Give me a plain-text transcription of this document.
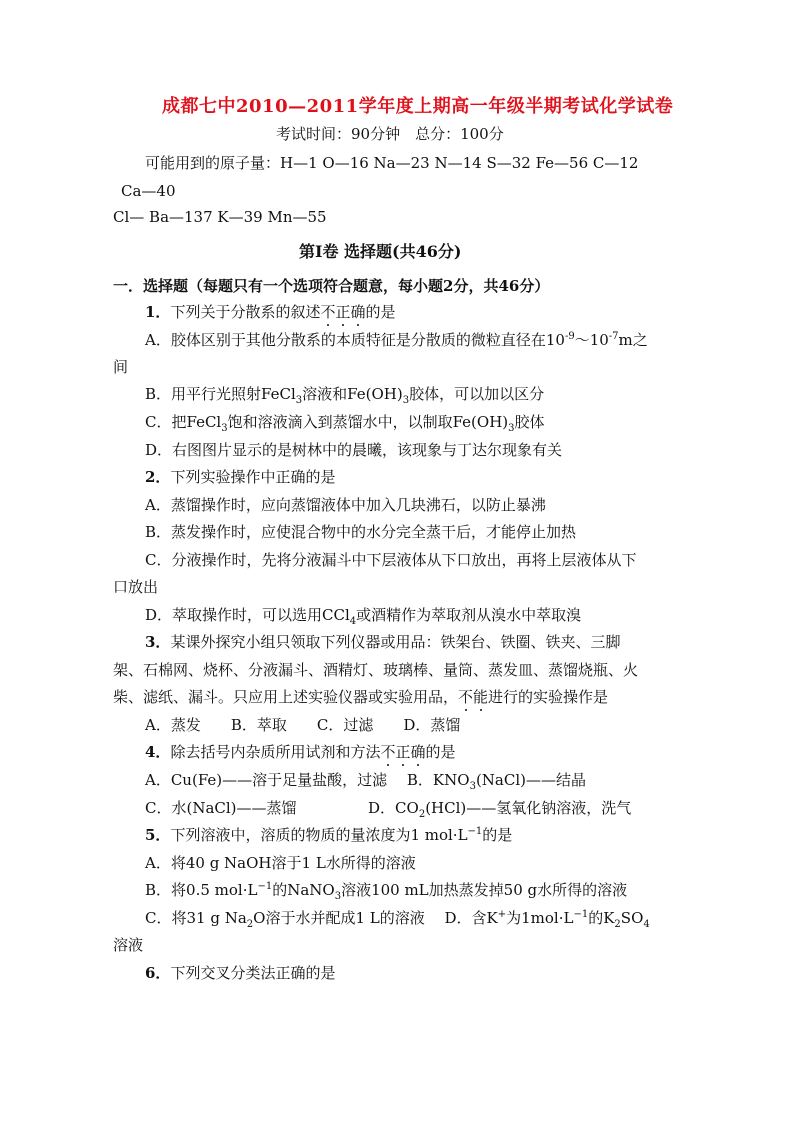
成都七中2010—2011学年度上期高一年级半期考试化学试卷
考试时间：90分钟　总分：100分
可能用到的原子量：H—1 O—16 Na—23 N—14 S—32 Fe—56 C—12
Ca—40
Cl— Ba—137 K—39 Mn—55
第Ⅰ卷 选择题(共46分)
一．选择题（每题只有一个选项符合题意，每小题2分，共46分）
1．下列关于分散系的叙述不正确的是
A．胶体区别于其他分散系的本质特征是分散质的微粒直径在$10^{-9}\sim 10^{-7}m$之
间
B．用平行光照射FeCl$_3$溶液和$Fe(OH)_3$胶体，可以加以区分
C．把FeCl$_3$饱和溶液滴入到蒸馏水中，以制取$Fe(OH)_3$胶体
D．右图图片显示的是树林中的晨曦，该现象与丁达尔现象有关
2．下列实验操作中正确的是
A．蒸馏操作时，应向蒸馏液体中加入几块沸石，以防止暴沸
B．蒸发操作时，应使混合物中的水分完全蒸干后，才能停止加热
C．分液操作时，先将分液漏斗中下层液体从下口放出，再将上层液体从下
口放出
D．萃取操作时，可以选用CCl$_4$或酒精作为萃取剂从溴水中萃取溴
3．某课外探究小组只领取下列仪器或用品：铁架台、铁圈、铁夹、三脚
架、石棉网、烧杯、分液漏斗、酒精灯、玻璃棒、量筒、蒸发皿、蒸馏烧瓶、火
柴、滤纸、漏斗。只应用上述实验仪器或实验用品，不能进行的实验操作是
A．蒸发　　B．萃取　　C．过滤　　D．蒸馏
4．除去括号内杂质所用试剂和方法不正确的是
A．Cu(Fe)——溶于足量盐酸，过滤　 B．$KNO_3(NaCl)——$结晶
C．水(NaCl)——蒸馏	D．$CO_2(HCl)——$氢氧化钠溶液，洗气
5．下列溶液中，溶质的物质的量浓度为1 $mol\cdot L^{-1}$的是
A．将40 g NaOH溶于1 L水所得的溶液
B．将0.5 $mol\cdot L^{-1}$的NaNO$_3$溶液100 mL加热蒸发掉50 g水所得的溶液
C．将31 g $Na_2O$溶于水并配成1 L的溶液　 D．含K+为$1mol\cdot L^{-1}$的$K_2SO_4$
溶液
6．下列交叉分类法正确的是
